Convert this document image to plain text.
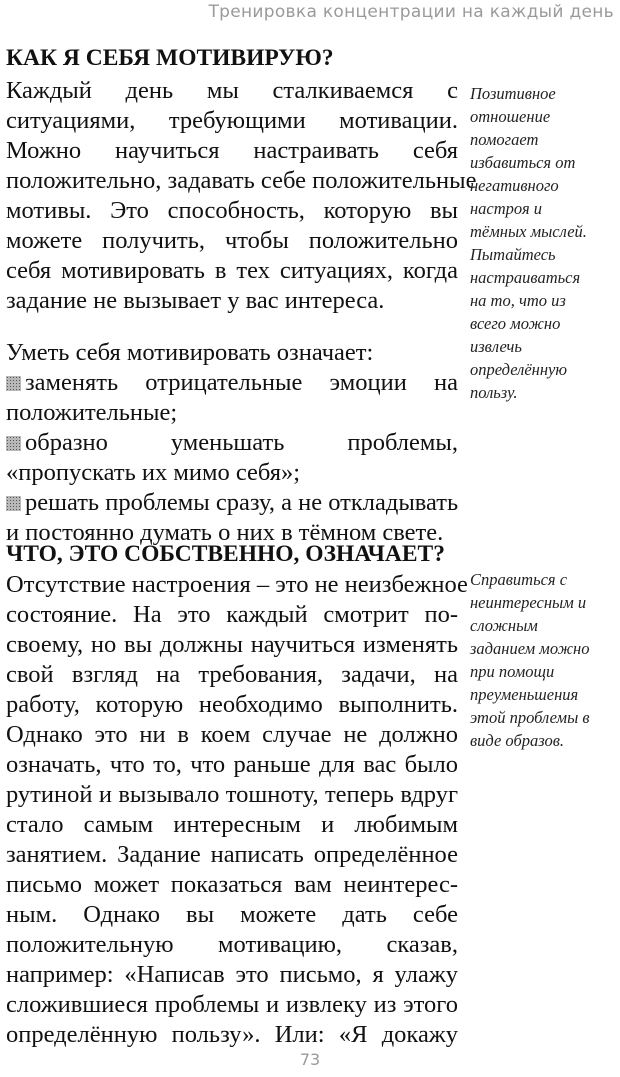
Тренировка концентрации на каждый день
КАК Я СЕБЯ МОТИВИРУЮ?
Каждый день мы сталкиваемся с
ситуациями, требующими мотивации.
Можно научиться настраивать себя
положительно, задавать себе положительные
мотивы. Это способность, которую вы
можете получить, чтобы положительно
себя мотивировать в тех ситуациях, когда
задание не вызывает у вас интереса.
Уметь себя мотивировать означает:
заменять отрицательные эмоции на
положительные;
образно уменьшать проблемы,
«пропускать их мимо себя»;
решать проблемы сразу, а не откладывать
и постоянно думать о них в тёмном свете.
Позитивное
отношение
помогает
избавиться от
негативного
настроя и
тёмных мыслей.
Пытайтесь
настраиваться
на то, что из
всего можно
извлечь
определённую
пользу.
ЧТО, ЭТО СОБСТВЕННО, ОЗНАЧАЕТ?
Отсутствие настроения – это не неизбежное
состояние. На это каждый смотрит по-
своему, но вы должны научиться изменять
свой взгляд на требования, задачи, на
работу, которую необходимо выполнить.
Однако это ни в коем случае не должно
означать, что то, что раньше для вас было
рутиной и вызывало тошноту, теперь вдруг
стало самым интересным и любимым
занятием. Задание написать определённое
письмо может показаться вам неинтерес-
ным. Однако вы можете дать себе
положительную мотивацию, сказав,
например: «Написав это письмо, я улажу
сложившиеся проблемы и извлеку из этого
определённую пользу». Или: «Я докажу
Справиться с
неинтересным и
сложным
заданием можно
при помощи
преуменьшения
этой проблемы в
виде образов.
73
